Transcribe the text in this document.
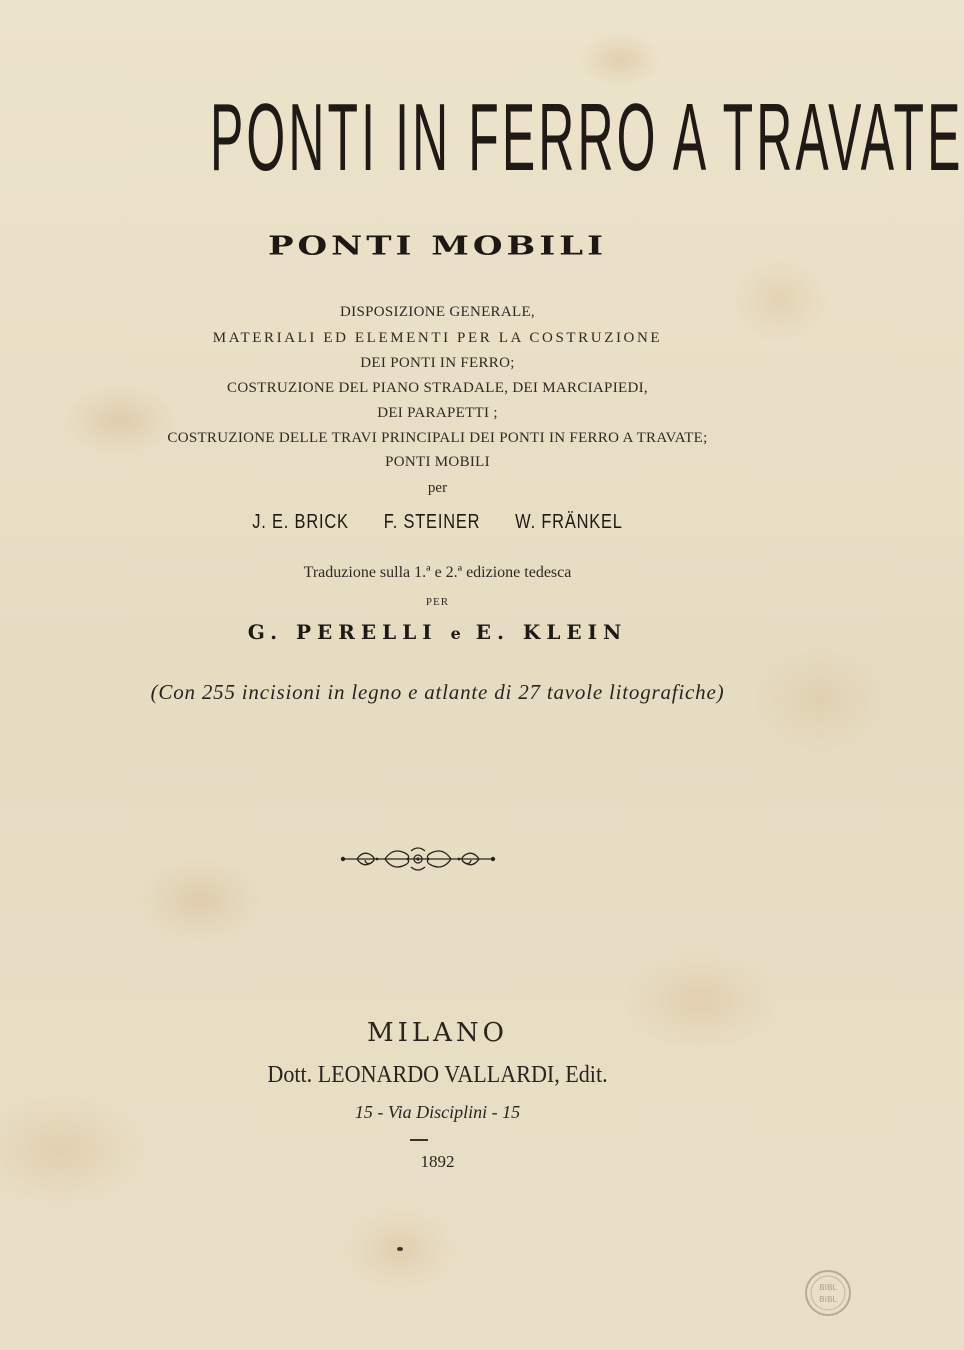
PONTI IN FERRO A TRAVATE
PONTI MOBILI
DISPOSIZIONE GENERALE,
MATERIALI ED ELEMENTI PER LA COSTRUZIONE
DEI PONTI IN FERRO;
COSTRUZIONE DEL PIANO STRADALE, DEI MARCIAPIEDI,
DEI PARAPETTI ;
COSTRUZIONE DELLE TRAVI PRINCIPALI DEI PONTI IN FERRO A TRAVATE;
PONTI MOBILI
per
J. E. BRICK F. STEINER W. FRÄNKEL
Traduzione sulla 1.ª e 2.ª edizione tedesca
PER
G. PERELLI e E. KLEIN
(Con 255 incisioni in legno e atlante di 27 tavole litografiche)
MILANO
Dott. LEONARDO VALLARDI, Edit.
15 - Via Disciplini - 15
1892
BIBL
BIBL
